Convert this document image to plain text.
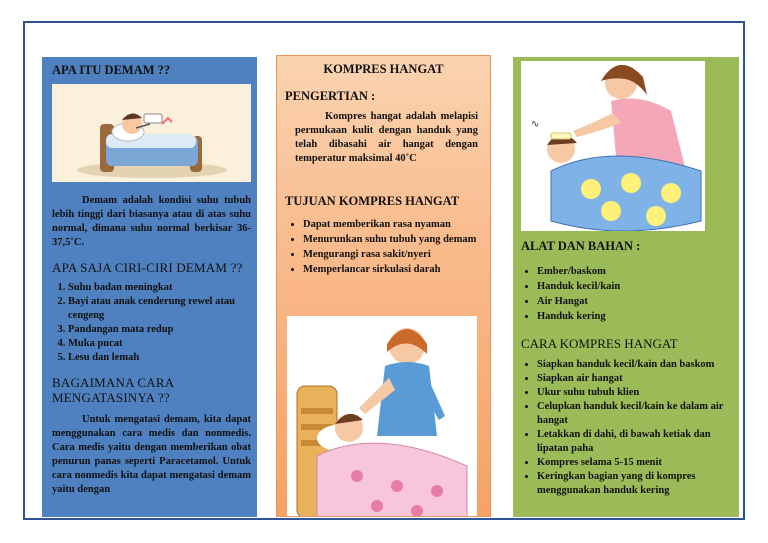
APA ITU DEMAM ??

Demam adalah kondisi suhu tubuh lebih tinggi dari biasanya atau di atas suhu normal, dimana suhu normal berkisar 36-37,5˚C.

APA SAJA CIRI-CIRI DEMAM ??
1. Suhu badan meningkat
2. Bayi atau anak cenderung rewel atau cengeng
3. Pandangan mata redup
4. Muka pucat
5. Lesu dan lemah
BAGAIMANA CARA MENGATASINYA ??

Untuk mengatasi demam, kita dapat menggunakan cara medis dan nonmedis. Cara medis yaitu dengan memberikan obat penurun panas seperti Paracetamol. Untuk cara nonmedis kita dapat mengatasi demam yaitu dengan

KOMPRES HANGAT
PENGERTIAN :

Kompres hangat adalah melapisi permukaan kulit dengan handuk yang telah dibasahi air hangat dengan temperatur maksimal 40˚C

TUJUAN KOMPRES HANGAT
• Dapat memberikan rasa nyaman
• Menurunkan suhu tubuh yang demam
• Mengurangi rasa sakit/nyeri
• Memperlancar sirkulasi darah
∿
ALAT DAN BAHAN :
• Ember/baskom
• Handuk kecil/kain
• Air Hangat
• Handuk kering
CARA KOMPRES HANGAT
• Siapkan handuk kecil/kain dan baskom
• Siapkan air hangat
• Ukur suhu tubuh klien
• Celupkan handuk kecil/kain ke dalam air hangat
• Letakkan di dahi, di bawah ketiak dan lipatan paha
• Kompres selama 5-15 menit
• Keringkan bagian yang di kompres menggunakan handuk kering
